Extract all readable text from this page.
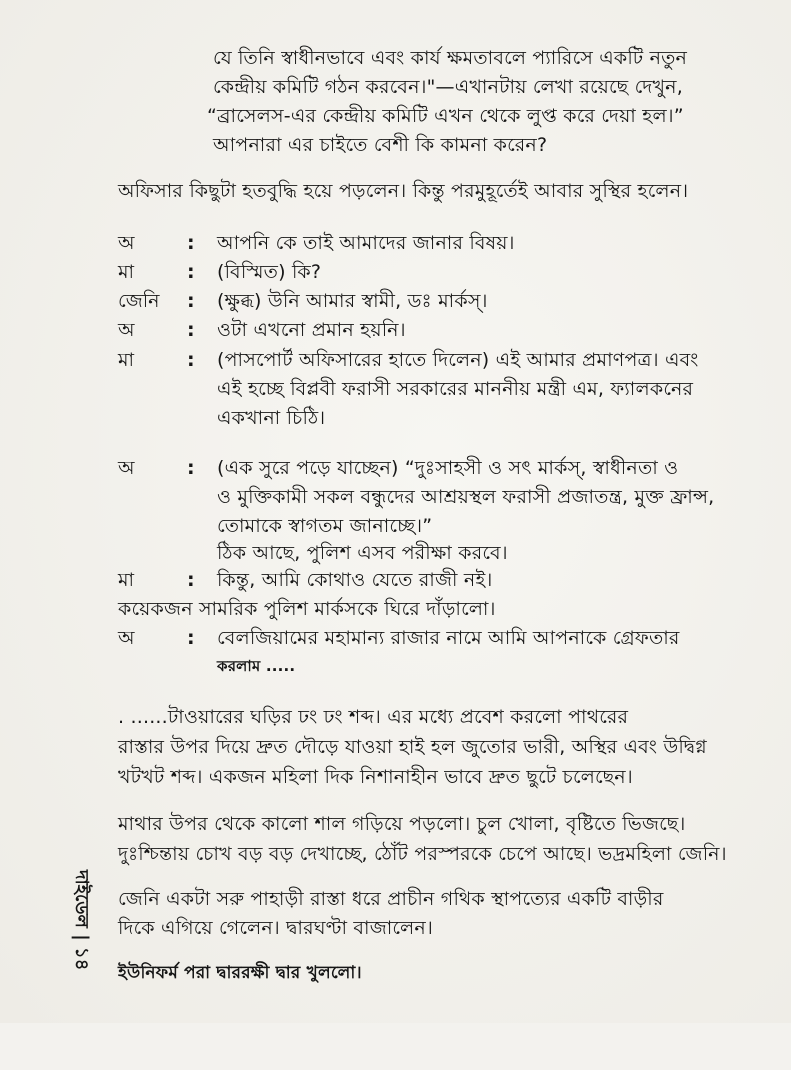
যে তিনি স্বাধীনভাবে এবং কার্য ক্ষমতাবলে প্যারিসে একটি নতুন
কেন্দ্রীয় কমিটি গঠন করবেন।"—এখানটায় লেখা রয়েছে দেখুন,
“ব্রাসেলস-এর কেন্দ্রীয় কমিটি এখন থেকে লুপ্ত করে দেয়া হল।”
আপনারা এর চাইতে বেশী কি কামনা করেন?
অফিসার কিছুটা হতবুদ্ধি হয়ে পড়লেন। কিন্তু পরমুহূর্তেই আবার সুস্থির হলেন।
অ	: আপনি কে তাই আমাদের জানার বিষয়।
মা	: (বিস্মিত) কি?
জেনি : (ক্ষুব্ধ) উনি আমার স্বামী, ডঃ মার্কস্।
অ	: ওটা এখনো প্রমান হয়নি।
মা	: (পাসপোর্ট অফিসারের হাতে দিলেন) এই আমার প্রমাণপত্র। এবং
এই হচ্ছে বিপ্লবী ফরাসী সরকারের মাননীয় মন্ত্রী এম, ফ্যালকনের
একখানা চিঠি।
অ	: (এক সুরে পড়ে যাচ্ছেন) “দুঃসাহসী ও সৎ মার্কস্, স্বাধীনতা ও
ও মুক্তিকামী সকল বন্ধুদের আশ্রয়স্থল ফরাসী প্রজাতন্ত্র, মুক্ত ফ্রান্স,
তোমাকে স্বাগতম জানাচ্ছে।”
ঠিক আছে, পুলিশ এসব পরীক্ষা করবে।
মা	: কিন্তু, আমি কোথাও যেতে রাজী নই।
কয়েকজন সামরিক পুলিশ মার্কসকে ঘিরে দাঁড়ালো।
অ	: বেলজিয়ামের মহামান্য রাজার নামে আমি আপনাকে গ্রেফতার
করলাম .....
. ......টাওয়ারের ঘড়ির ঢং ঢং শব্দ। এর মধ্যে প্রবেশ করলো পাথরের
রাস্তার উপর দিয়ে দ্রুত দৌড়ে যাওয়া হাই হল জুতোর ভারী, অস্থির এবং উদ্বিগ্ন
খটখট শব্দ। একজন মহিলা দিক নিশানাহীন ভাবে দ্রুত ছুটে চলেছেন।
মাথার উপর থেকে কালো শাল গড়িয়ে পড়লো। চুল খোলা, বৃষ্টিতে ভিজছে।
দুঃশ্চিন্তায় চোখ বড় বড় দেখাচ্ছে, ঠোঁট পরস্পরকে চেপে আছে। ভদ্রমহিলা জেনি।
জেনি একটা সরু পাহাড়ী রাস্তা ধরে প্রাচীন গথিক স্থাপত্যের একটি বাড়ীর
দিকে এগিয়ে গেলেন। দ্বারঘণ্টা বাজালেন।
ইউনিফর্ম পরা দ্বাররক্ষী দ্বার খুললো।
দাইডেল | ১৪
